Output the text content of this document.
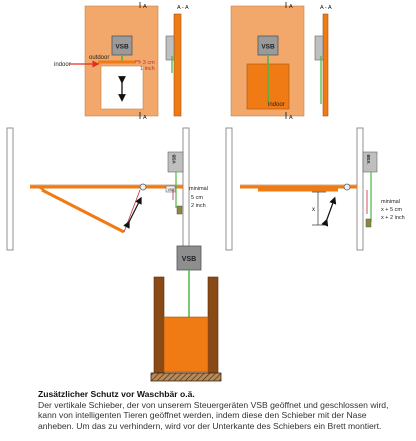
VSB
outdoor
indoor	> 3 cm
1 inch
A
A
A - A
VSB
indoor
A
A
A - A
VSB
VSB	minimal
5 cm
2 inch
x
VSB
minimal
x + 5 cm
x + 2 inch
VSB
Zusätzlicher Schutz vor Waschbär o.ä.
Der vertikale Schieber, der von unserem Steuergeräten VSB geöffnet und geschlossen wird,
kann von intelligenten Tieren geöffnet werden, indem diese den Schieber mit der Nase
anheben. Um das zu verhindern, wird vor der Unterkante des Schiebers ein Brett montiert.
